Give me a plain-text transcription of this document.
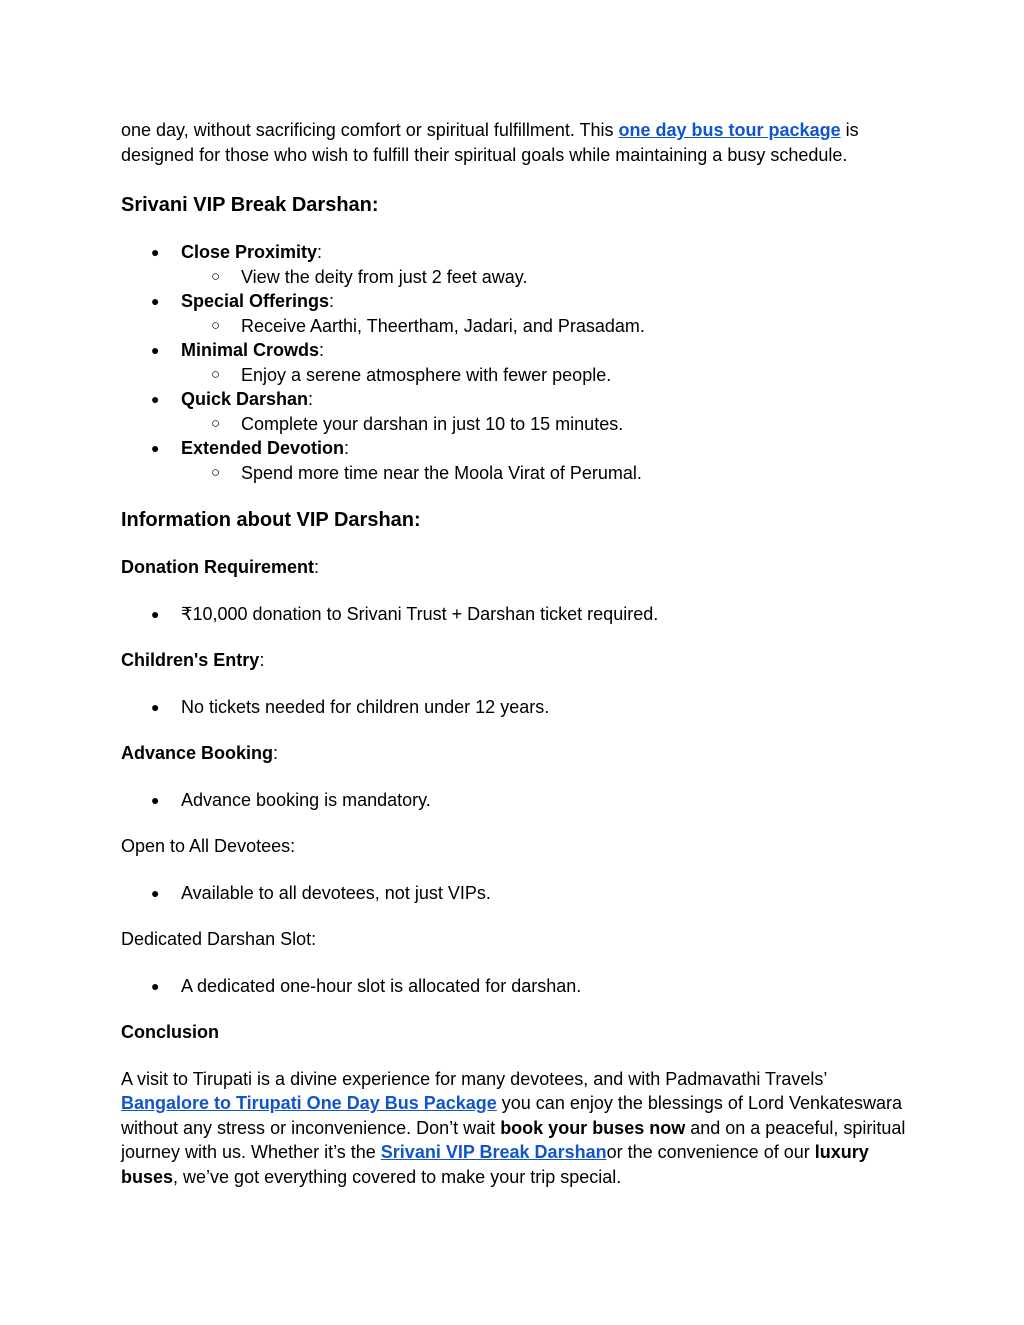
one day, without sacrificing comfort or spiritual fulfillment. This one day bus tour package is designed for those who wish to fulfill their spiritual goals while maintaining a busy schedule.

Srivani VIP Break Darshan:
● Close Proximity:
○ View the deity from just 2 feet away.
● Special Offerings:
○ Receive Aarthi, Theertham, Jadari, and Prasadam.
● Minimal Crowds:
○ Enjoy a serene atmosphere with fewer people.
● Quick Darshan:
○ Complete your darshan in just 10 to 15 minutes.
● Extended Devotion:
○ Spend more time near the Moola Virat of Perumal.
Information about VIP Darshan:

Donation Requirement:

● ₹10,000 donation to Srivani Trust + Darshan ticket required.

Children's Entry:

● No tickets needed for children under 12 years.

Advance Booking:

● Advance booking is mandatory.

Open to All Devotees:

● Available to all devotees, not just VIPs.

Dedicated Darshan Slot:

● A dedicated one-hour slot is allocated for darshan.

Conclusion

A visit to Tirupati is a divine experience for many devotees, and with Padmavathi Travels’ Bangalore to Tirupati One Day Bus Package you can enjoy the blessings of Lord Venkateswara without any stress or inconvenience. Don’t wait book your buses now and on a peaceful, spiritual journey with us. Whether it’s the Srivani VIP Break Darshanor the convenience of our luxury buses, we’ve got everything covered to make your trip special.
